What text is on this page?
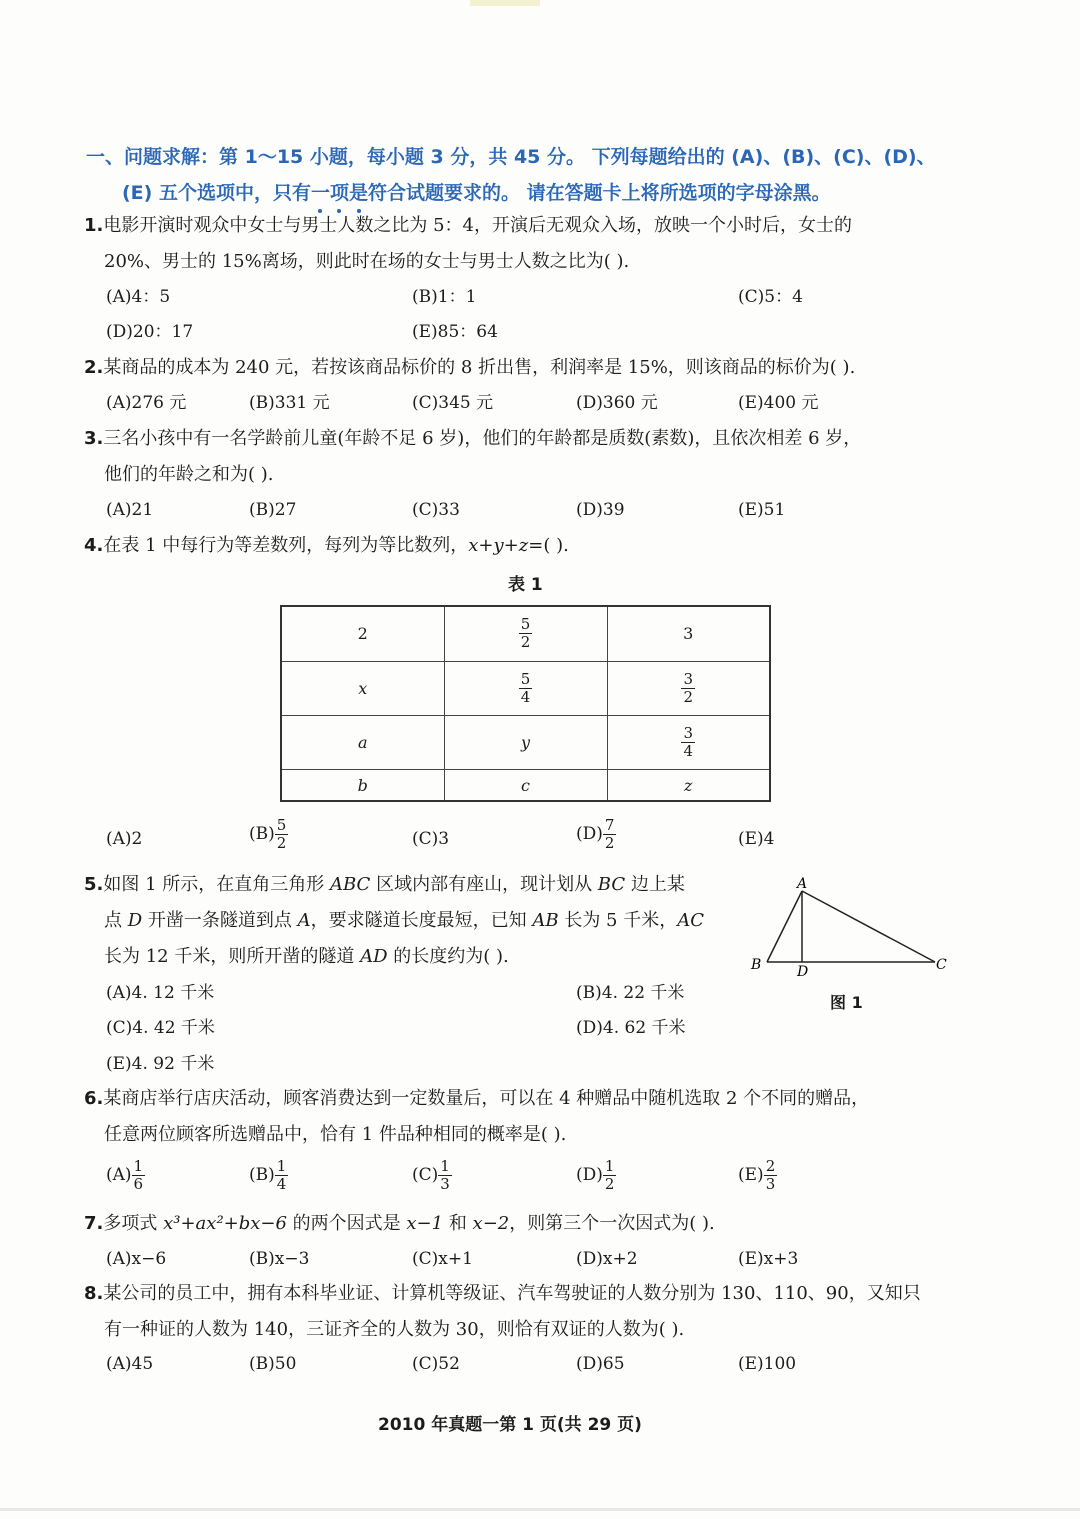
一、问题求解：第 1～15 小题，每小题 3 分，共 45 分。 下列每题给出的 (A)、(B)、(C)、(D)、
(E) 五个选项中，只有一项是符合试题要求的。 请在答题卡上将所选项的字母涂黑。
1.电影开演时观众中女士与男士人数之比为 5：4，开演后无观众入场，放映一个小时后，女士的
20%、男士的 15%离场，则此时在场的女士与男士人数之比为( ).
(A)4：5	(B)1：1	(C)5：4
(D)20：17	(E)85：64
2.某商品的成本为 240 元，若按该商品标价的 8 折出售，利润率是 15%，则该商品的标价为( ).
(A)276 元	(B)331 元	(C)345 元	(D)360 元	(E)400 元
3.三名小孩中有一名学龄前儿童(年龄不足 6 岁)，他们的年龄都是质数(素数)，且依次相差 6 岁，
他们的年龄之和为( ).
(A)21	(B)27	(C)33	(D)39	(E)51
4.在表 1 中每行为等差数列，每列为等比数列，x+y+z=( ).
表 1
2	$\frac{5}{2}$	3
x	$\frac{5}{4}$	$\frac{3}{2}$

a	y	$\frac{3}{4}$

b	c	z
(A)2	$(B) \frac{5}{2}$	(C)3	$(D) \frac{7}{2}$	(E)4
5.如图 1 所示，在直角三角形 ABC 区域内部有座山，现计划从 BC 边上某
点 D 开凿一条隧道到点 A，要求隧道长度最短，已知 AB 长为 5 千米，AC
长为 12 千米，则所开凿的隧道 AD 的长度约为( ).
(A)4. 12 千米	(B)4. 22 千米
(C)4. 42 千米	(D)4. 62 千米
(E)4. 92 千米
A
B	C
D
图 1
6.某商店举行店庆活动，顾客消费达到一定数量后，可以在 4 种赠品中随机选取 2 个不同的赠品，
任意两位顾客所选赠品中，恰有 1 件品种相同的概率是( ).
$(A) \frac{1}{6}$	$(B) \frac{1}{4}$	$(C) \frac{1}{3}$	$(D) \frac{1}{2}$	$(E) \frac{2}{3}$
7.多项式 x³+ax²+bx−6 的两个因式是 x−1 和 x−2，则第三个一次因式为( ).
(A)x−6	(B)x−3	(C)x+1	(D)x+2	(E)x+3
8.某公司的员工中，拥有本科毕业证、计算机等级证、汽车驾驶证的人数分别为 130、110、90，又知只
有一种证的人数为 140，三证齐全的人数为 30，则恰有双证的人数为( ).
(A)45	(B)50	(C)52	(D)65	(E)100
2010 年真题一第 1 页(共 29 页)
